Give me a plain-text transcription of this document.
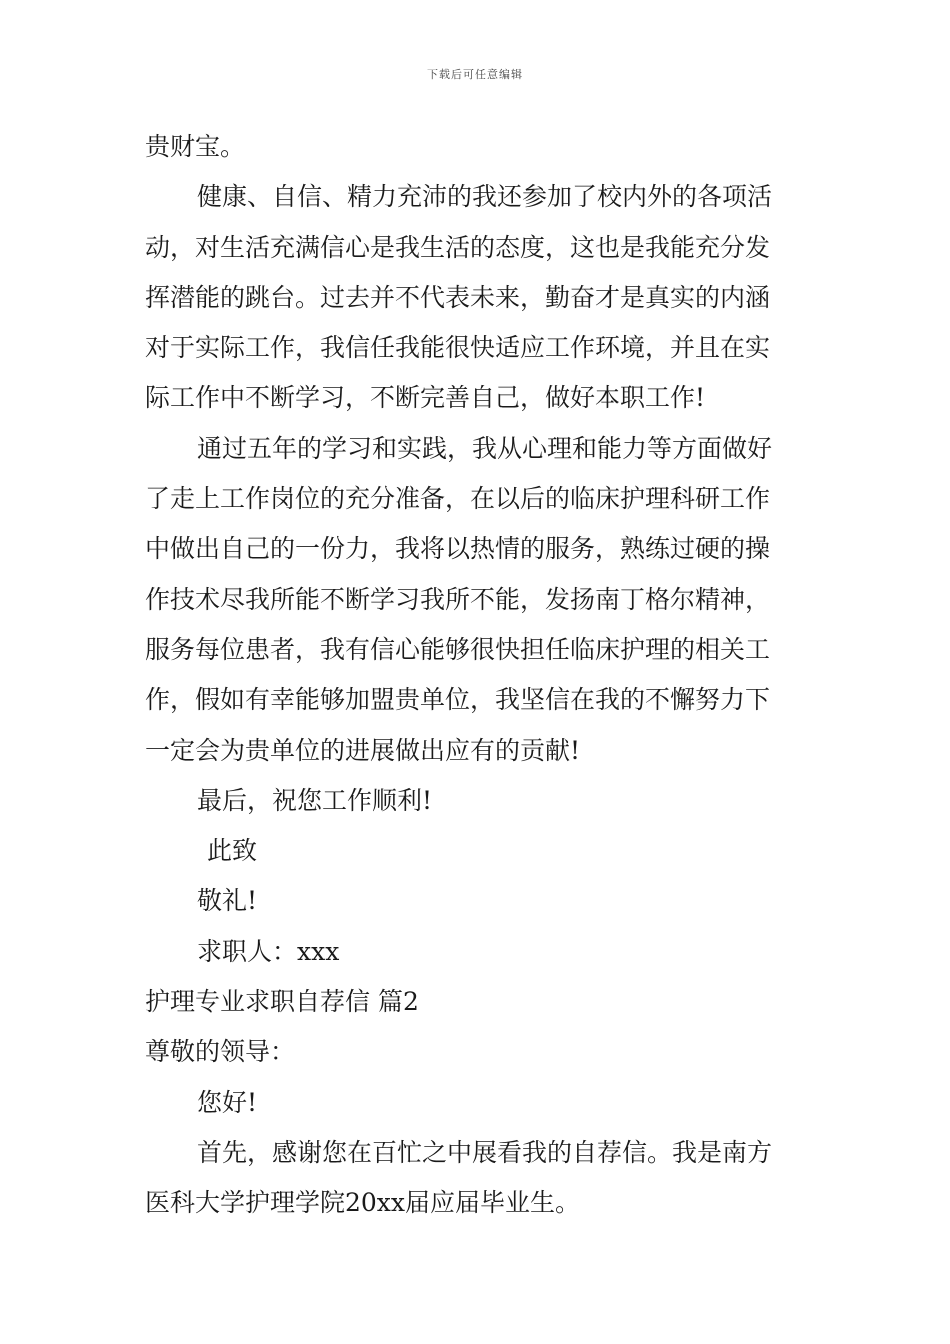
下载后可任意编辑
贵财宝。
健康、自信、精力充沛的我还参加了校内外的各项活
动，对生活充满信心是我生活的态度，这也是我能充分发
挥潜能的跳台。过去并不代表未来，勤奋才是真实的内涵
对于实际工作，我信任我能很快适应工作环境，并且在实
际工作中不断学习，不断完善自己，做好本职工作!
通过五年的学习和实践，我从心理和能力等方面做好
了走上工作岗位的充分准备，在以后的临床护理科研工作
中做出自己的一份力，我将以热情的服务，熟练过硬的操
作技术尽我所能不断学习我所不能，发扬南丁格尔精神，
服务每位患者，我有信心能够很快担任临床护理的相关工
作，假如有幸能够加盟贵单位，我坚信在我的不懈努力下
一定会为贵单位的进展做出应有的贡献!
最后，祝您工作顺利!
此致
敬礼!
求职人：xxx
护理专业求职自荐信 篇2
尊敬的领导：
您好!
首先，感谢您在百忙之中展看我的自荐信。我是南方
医科大学护理学院20xx届应届毕业生。
